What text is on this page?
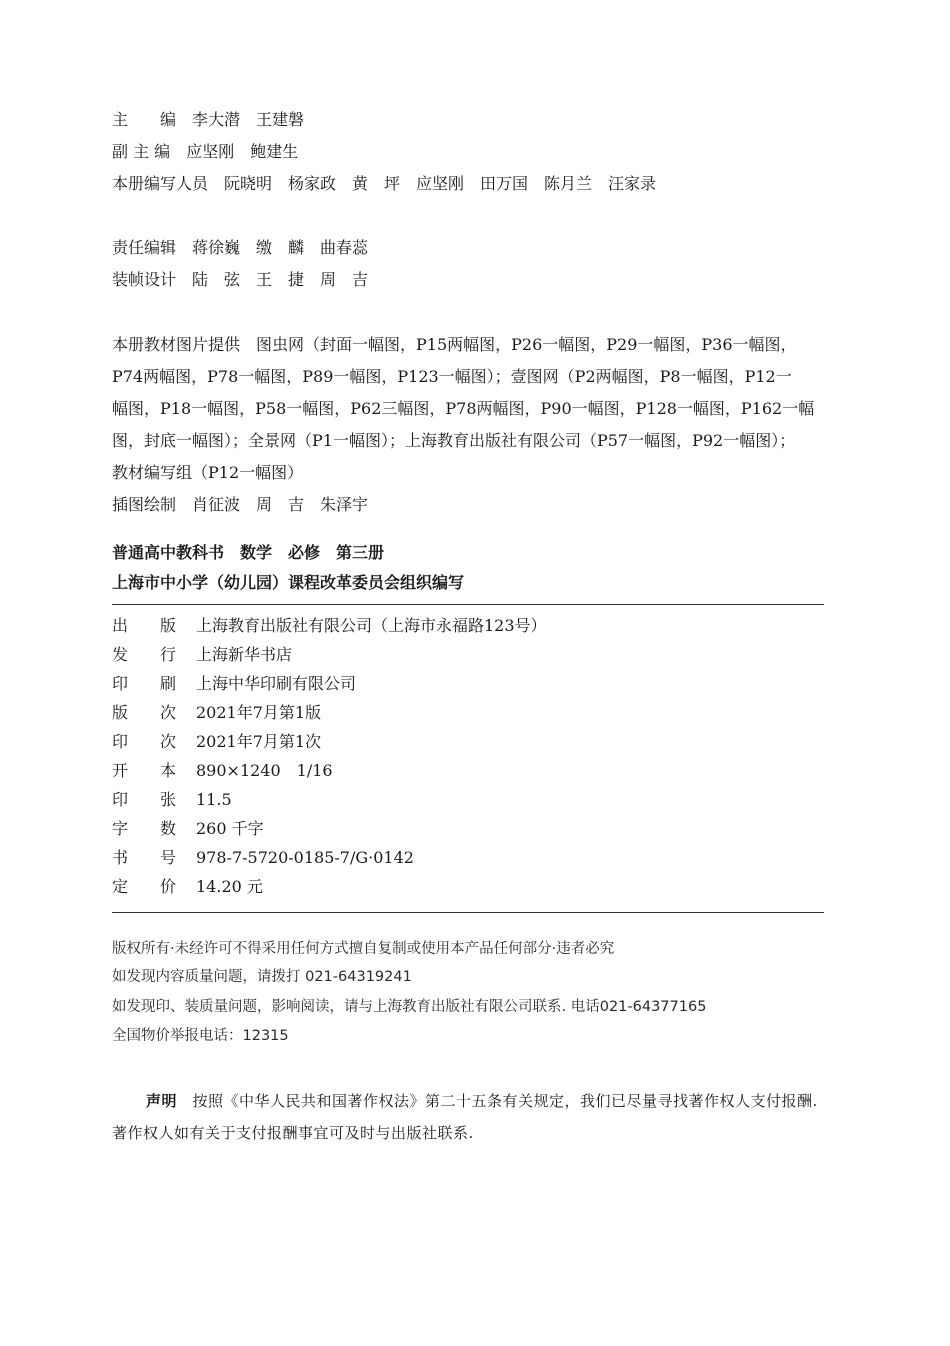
主　　编　 李大潜　王建磐
副 主 编　 应坚刚　鲍建生
本册编写人员　 阮晓明　杨家政　黄　坪　应坚刚　田万国　陈月兰　汪家录
责任编辑　 蒋徐巍　缴　麟　曲春蕊
装帧设计　 陆　弦　王　捷　周　吉
本册教材图片提供　图虫网（封面一幅图，P15两幅图，P26一幅图，P29一幅图，P36一幅图，
P74两幅图，P78一幅图，P89一幅图，P123一幅图）；壹图网（P2两幅图，P8一幅图，P12一
幅图，P18一幅图，P58一幅图，P62三幅图，P78两幅图，P90一幅图，P128一幅图，P162一幅
图，封底一幅图）；全景网（P1一幅图）；上海教育出版社有限公司（P57一幅图，P92一幅图）；
教材编写组（P12一幅图）
插图绘制　 肖征波　周　吉　朱泽宇
普通高中教科书　数学　必修　第三册
上海市中小学（幼儿园）课程改革委员会组织编写
出　　版 上海教育出版社有限公司（上海市永福路123号）
发　　行 上海新华书店
印　　刷 上海中华印刷有限公司
版　　次 2021年7月第1版
印　　次 2021年7月第1次
开　　本 890×1240　1/16
印　　张 11.5
字　　数 260 千字
书　　号 978-7-5720-0185-7/G·0142
定　　价 14.20 元
版权所有·未经许可不得采用任何方式擅自复制或使用本产品任何部分·违者必究
如发现内容质量问题，请拨打 021-64319241
如发现印、装质量问题，影响阅读，请与上海教育出版社有限公司联系. 电话021-64377165
全国物价举报电话：12315
声明　 按照《中华人民共和国著作权法》第二十五条有关规定，我们已尽量寻找著作权人支付报酬.著作权人如有关于支付报酬事宜可及时与出版社联系.
